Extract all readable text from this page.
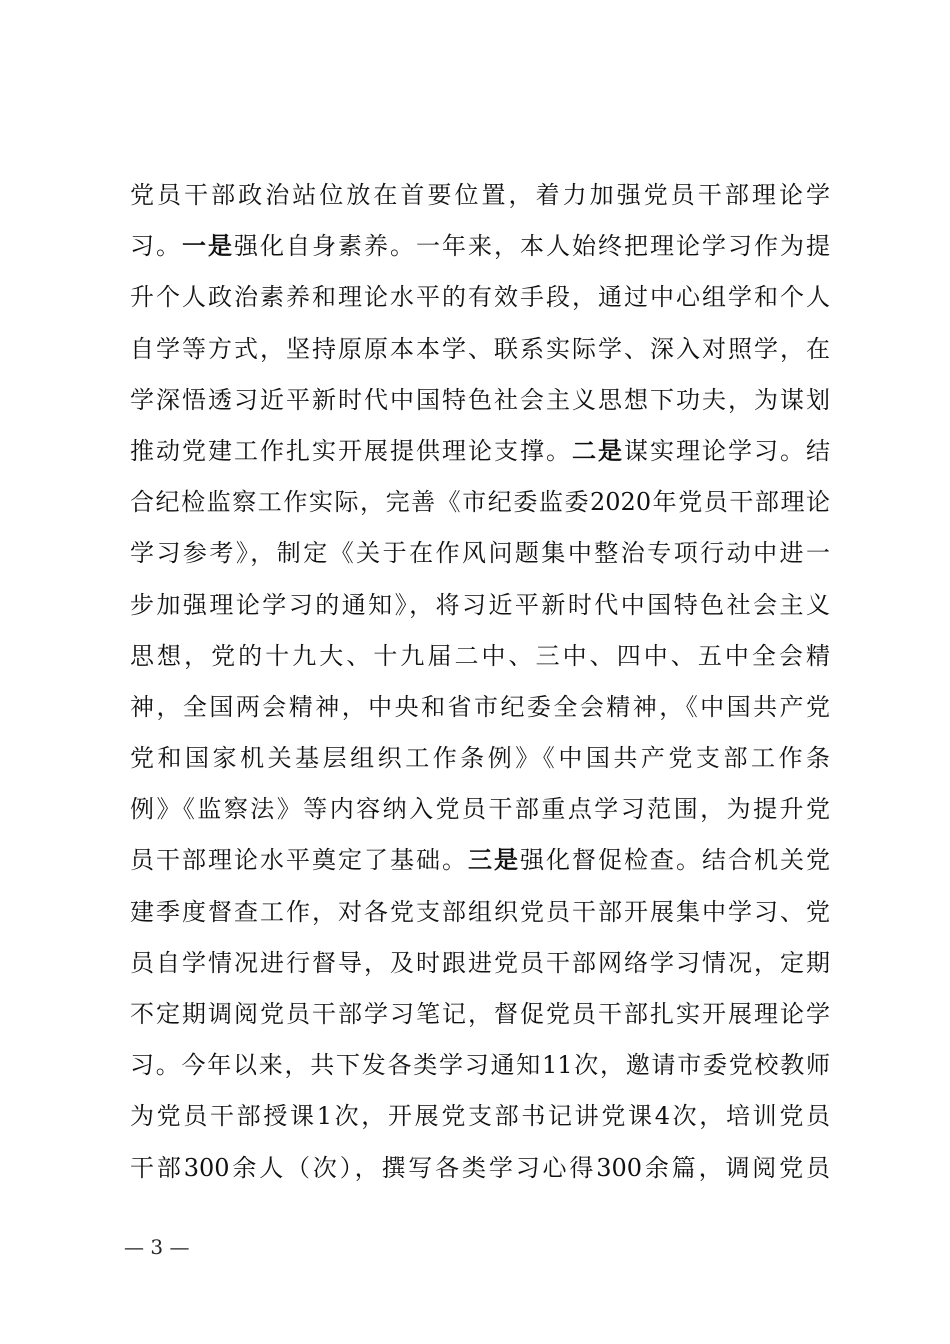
党员干部政治站位放在首要位置，着力加强党员干部理论学
习。一是强化自身素养。一年来，本人始终把理论学习作为提
升个人政治素养和理论水平的有效手段，通过中心组学和个人
自学等方式，坚持原原本本学、联系实际学、深入对照学，在
学深悟透习近平新时代中国特色社会主义思想下功夫，为谋划
推动党建工作扎实开展提供理论支撑。二是谋实理论学习。结
合纪检监察工作实际，完善《市纪委监委2020年党员干部理论
学习参考》，制定《关于在作风问题集中整治专项行动中进一
步加强理论学习的通知》，将习近平新时代中国特色社会主义
思想，党的十九大、十九届二中、三中、四中、五中全会精
神，全国两会精神，中央和省市纪委全会精神，《中国共产党
党和国家机关基层组织工作条例》《中国共产党支部工作条
例》《监察法》等内容纳入党员干部重点学习范围，为提升党
员干部理论水平奠定了基础。三是强化督促检查。结合机关党
建季度督查工作，对各党支部组织党员干部开展集中学习、党
员自学情况进行督导，及时跟进党员干部网络学习情况，定期
不定期调阅党员干部学习笔记，督促党员干部扎实开展理论学
习。今年以来，共下发各类学习通知11次，邀请市委党校教师
为党员干部授课1次，开展党支部书记讲党课4次，培训党员
干部300余人（次），撰写各类学习心得300余篇，调阅党员
— 3 —
